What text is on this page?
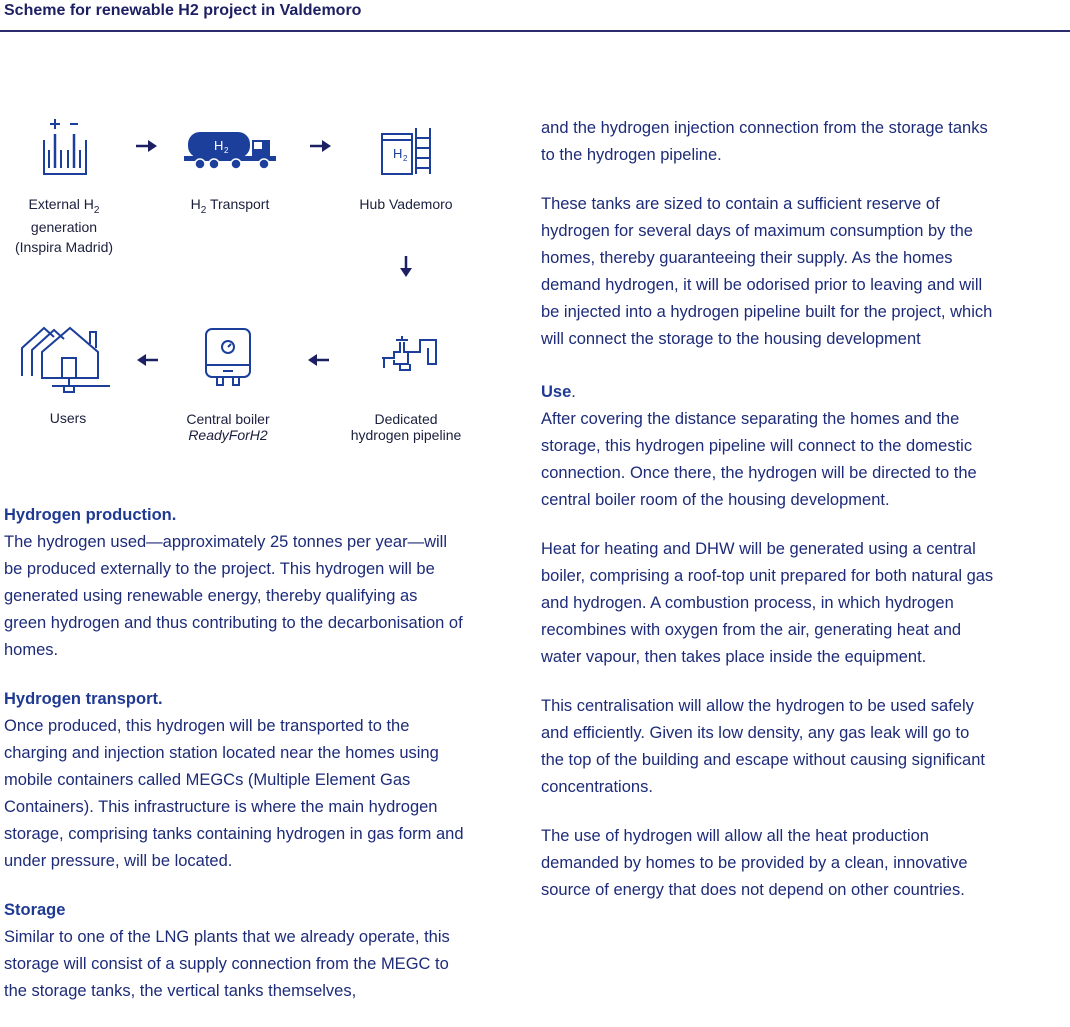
Scheme for renewable H2 project in Valdemoro
External $H_2$
generation
(Inspira Madrid)
H 2
$H_2$ Transport
H 2
Hub Vademoro
Dedicated
hydrogen pipeline
Central boiler
ReadyForH2
Users

Hydrogen production.
The hydrogen used—approximately 25 tonnes per year—will be produced externally to the project. This hydrogen will be generated using renewable energy, thereby qualifying as green hydrogen and thus contributing to the decarbonisation of homes.

Hydrogen transport.
Once produced, this hydrogen will be transported to the charging and injection station located near the homes using mobile containers called MEGCs (Multiple Element Gas Containers). This infrastructure is where the main hydrogen storage, comprising tanks containing hydrogen in gas form and under pressure, will be located.

Storage
Similar to one of the LNG plants that we already operate, this storage will consist of a supply connection from the MEGC to the storage tanks, the vertical tanks themselves,

and the hydrogen injection connection from the storage tanks to the hydrogen pipeline.

These tanks are sized to contain a sufficient reserve of hydrogen for several days of maximum consumption by the homes, thereby guaranteeing their supply. As the homes demand hydrogen, it will be odorised prior to leaving and will be injected into a hydrogen pipeline built for the project, which will connect the storage to the housing development

Use.
After covering the distance separating the homes and the storage, this hydrogen pipeline will connect to the domestic connection. Once there, the hydrogen will be directed to the central boiler room of the housing development.

Heat for heating and DHW will be generated using a central boiler, comprising a roof-top unit prepared for both natural gas and hydrogen. A combustion process, in which hydrogen recombines with oxygen from the air, generating heat and water vapour, then takes place inside the equipment.

This centralisation will allow the hydrogen to be used safely and efficiently. Given its low density, any gas leak will go to the top of the building and escape without causing significant concentrations.

The use of hydrogen will allow all the heat production demanded by homes to be provided by a clean, innovative source of energy that does not depend on other countries.
